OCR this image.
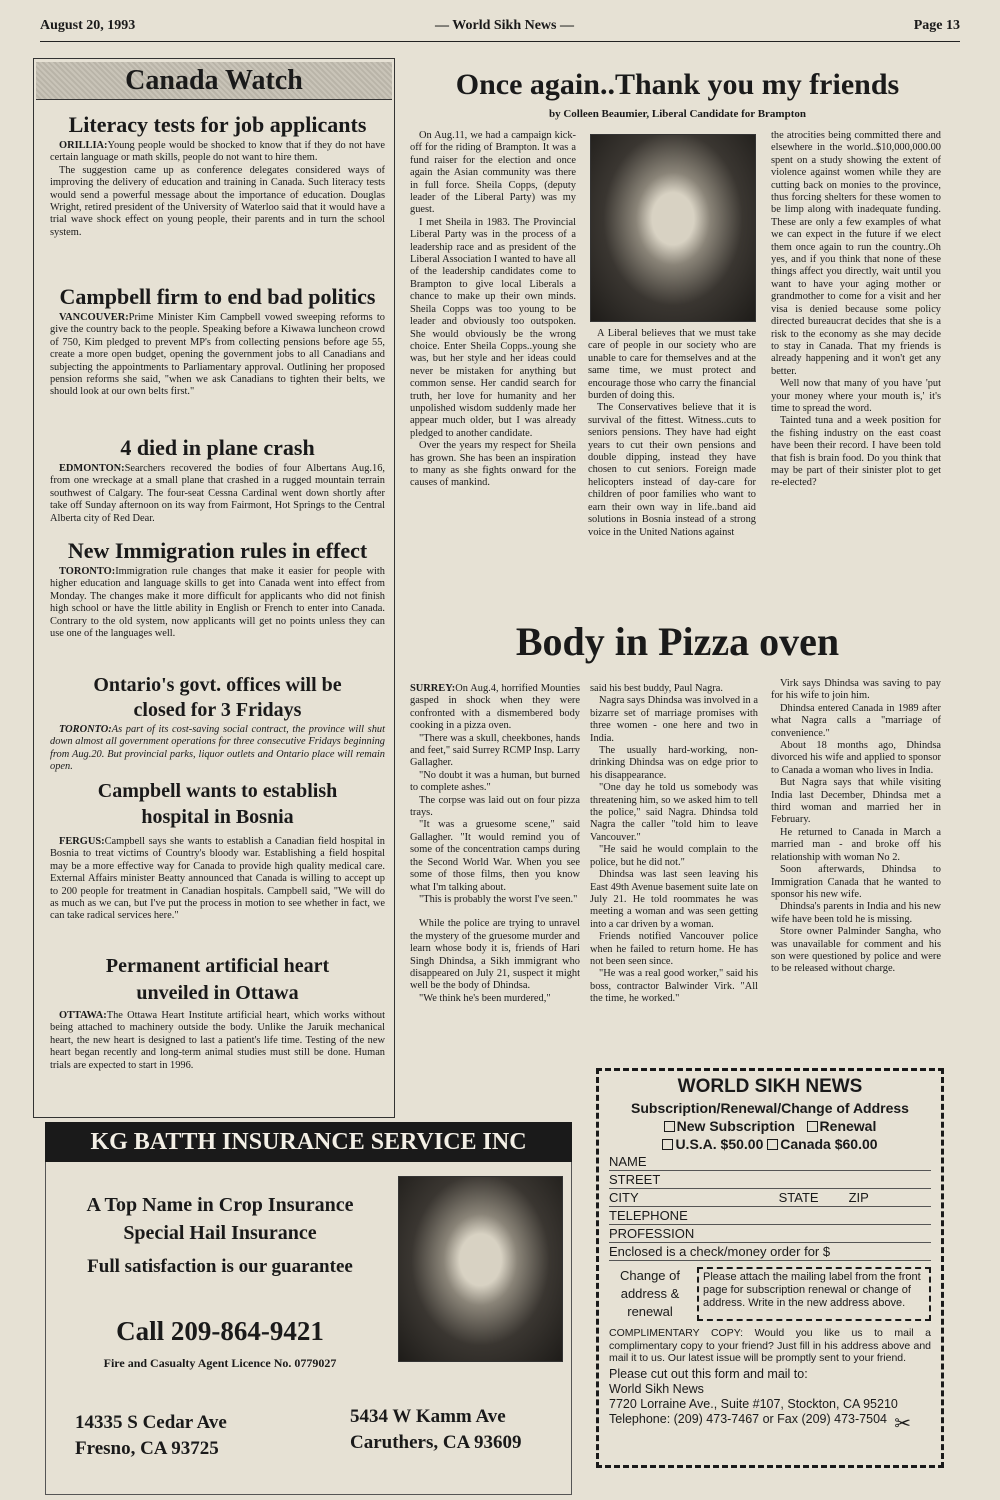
August 20, 1993	— World Sikh News —	Page 13
Canada Watch
Literacy tests for job applicants

ORILLIA:Young people would be shocked to know that if they do not have certain language or math skills, people do not want to hire them.

The suggestion came up as conference delegates considered ways of improving the delivery of education and training in Canada. Such literacy tests would send a powerful message about the importance of education. Douglas Wright, retired president of the University of Waterloo said that it would have a trial wave shock effect on young people, their parents and in turn the school system.

Campbell firm to end bad politics

VANCOUVER:Prime Minister Kim Campbell vowed sweeping reforms to give the country back to the people. Speaking before a Kiwawa luncheon crowd of 750, Kim pledged to prevent MP's from collecting pensions before age 55, create a more open budget, opening the government jobs to all Canadians and subjecting the appointments to Parliamentary approval. Outlining her proposed pension reforms she said, "when we ask Canadians to tighten their belts, we should look at our own belts first."

4 died in plane crash

EDMONTON:Searchers recovered the bodies of four Albertans Aug.16, from one wreckage at a small plane that crashed in a rugged mountain terrain southwest of Calgary. The four-seat Cessna Cardinal went down shortly after take off Sunday afternoon on its way from Fairmont, Hot Springs to the Central Alberta city of Red Dear.

New Immigration rules in effect

TORONTO:Immigration rule changes that make it easier for people with higher education and language skills to get into Canada went into effect from Monday. The changes make it more difficult for applicants who did not finish high school or have the little ability in English or French to enter into Canada. Contrary to the old system, now applicants will get no points unless they can use one of the languages well.

Ontario's govt. offices will be
closed for 3 Fridays

TORONTO:As part of its cost-saving social contract, the province will shut down almost all government operations for three consecutive Fridays beginning from Aug.20. But provincial parks, liquor outlets and Ontario place will remain open.

Campbell wants to establish
hospital in Bosnia

FERGUS:Campbell says she wants to establish a Canadian field hospital in Bosnia to treat victims of Country's bloody war. Establishing a field hospital may be a more effective way for Canada to provide high quality medical care. External Affairs minister Beatty announced that Canada is willing to accept up to 200 people for treatment in Canadian hospitals. Campbell said, "We will do as much as we can, but I've put the process in motion to see whether in fact, we can take radical services here."

Permanent artificial heart
unveiled in Ottawa

OTTAWA:The Ottawa Heart Institute artificial heart, which works without being attached to machinery outside the body. Unlike the Jaruik mechanical heart, the new heart is designed to last a patient's life time. Testing of the new heart began recently and long-term animal studies must still be done. Human trials are expected to start in 1996.

Once again..Thank you my friends
by Colleen Beaumier, Liberal Candidate for Brampton

On Aug.11, we had a campaign kick-off for the riding of Brampton. It was a fund raiser for the election and once again the Asian community was there in full force. Sheila Copps, (deputy leader of the Liberal Party) was my guest.

I met Sheila in 1983. The Provincial Liberal Party was in the process of a leadership race and as president of the Liberal Association I wanted to have all of the leadership candidates come to Brampton to give local Liberals a chance to make up their own minds. Sheila Copps was too young to be leader and obviously too outspoken. She would obviously be the wrong choice. Enter Sheila Copps..young she was, but her style and her ideas could never be mistaken for anything but common sense. Her candid search for truth, her love for humanity and her unpolished wisdom suddenly made her appear much older, but I was already pledged to another candidate.

Over the years my respect for Sheila has grown. She has been an inspiration to many as she fights onward for the causes of mankind.

A Liberal believes that we must take care of people in our society who are unable to care for themselves and at the same time, we must protect and encourage those who carry the financial burden of doing this.

The Conservatives believe that it is survival of the fittest. Witness..cuts to seniors pensions. They have had eight years to cut their own pensions and double dipping, instead they have chosen to cut seniors. Foreign made helicopters instead of day-care for children of poor families who want to earn their own way in life..band aid solutions in Bosnia instead of a strong voice in the United Nations against

the atrocities being committed there and elsewhere in the world..$10,000,000.00 spent on a study showing the extent of violence against women while they are cutting back on monies to the province, thus forcing shelters for these women to be limp along with inadequate funding. These are only a few examples of what we can expect in the future if we elect them once again to run the country..Oh yes, and if you think that none of these things affect you directly, wait until you want to have your aging mother or grandmother to come for a visit and her visa is denied because some policy directed bureaucrat decides that she is a risk to the economy as she may decide to stay in Canada. That my friends is already happening and it won't get any better.

Well now that many of you have 'put your money where your mouth is,' it's time to spread the word.

Tainted tuna and a week position for the fishing industry on the east coast have been their record. I have been told that fish is brain food. Do you think that may be part of their sinister plot to get re-elected?

Body in Pizza oven

SURREY:On Aug.4, horrified Mounties gasped in shock when they were confronted with a dismembered body cooking in a pizza oven.

"There was a skull, cheekbones, hands and feet," said Surrey RCMP Insp. Larry Gallagher.

"No doubt it was a human, but burned to complete ashes."

The corpse was laid out on four pizza trays.

"It was a gruesome scene," said Gallagher. "It would remind you of some of the concentration camps during the Second World War. When you see some of those films, then you know what I'm talking about.

"This is probably the worst I've seen."

While the police are trying to unravel the mystery of the gruesome murder and learn whose body it is, friends of Hari Singh Dhindsa, a Sikh immigrant who disappeared on July 21, suspect it might well be the body of Dhindsa.

"We think he's been murdered,"

said his best buddy, Paul Nagra.

Nagra says Dhindsa was involved in a bizarre set of marriage promises with three women - one here and two in India.

The usually hard-working, non-drinking Dhindsa was on edge prior to his disappearance.

"One day he told us somebody was threatening him, so we asked him to tell the police," said Nagra. Dhindsa told Nagra the caller "told him to leave Vancouver."

"He said he would complain to the police, but he did not."

Dhindsa was last seen leaving his East 49th Avenue basement suite late on July 21. He told roommates he was meeting a woman and was seen getting into a car driven by a woman.

Friends notified Vancouver police when he failed to return home. He has not been seen since.

"He was a real good worker," said his boss, contractor Balwinder Virk. "All the time, he worked."

Virk says Dhindsa was saving to pay for his wife to join him.

Dhindsa entered Canada in 1989 after what Nagra calls a "marriage of convenience."

About 18 months ago, Dhindsa divorced his wife and applied to sponsor to Canada a woman who lives in India.

But Nagra says that while visiting India last December, Dhindsa met a third woman and married her in February.

He returned to Canada in March a married man - and broke off his relationship with woman No 2.

Soon afterwards, Dhindsa to Immigration Canada that he wanted to sponsor his new wife.

Dhindsa's parents in India and his new wife have been told he is missing.

Store owner Palminder Sangha, who was unavailable for comment and his son were questioned by police and were to be released without charge.

KG BATTH INSURANCE SERVICE INC
A Top Name in Crop Insurance
Special Hail Insurance
Full satisfaction is our guarantee
Call 209-864-9421
Fire and Casualty Agent Licence No. 0779027
14335 S Cedar Ave
Fresno, CA 93725
5434 W Kamm Ave
Caruthers, CA 93609
WORLD SIKH NEWS
Subscription/Renewal/Change of Address
New Subscription Renewal
U.S.A. $50.00 Canada $60.00
NAME
STREET
CITY	STATE ZIP
TELEPHONE
PROFESSION
Enclosed is a check/money order for $
Change of address & renewal
Please attach the mailing label from the front page for subscription renewal or change of address. Write in the new address above.
COMPLIMENTARY COPY: Would you like us to mail a complimentary copy to your friend? Just fill in his address above and mail it to us. Our latest issue will be promptly sent to your friend.
Please cut out this form and mail to:
World Sikh News
7720 Lorraine Ave., Suite #107, Stockton, CA 95210
Telephone: (209) 473-7467 or Fax (209) 473-7504 ✂
